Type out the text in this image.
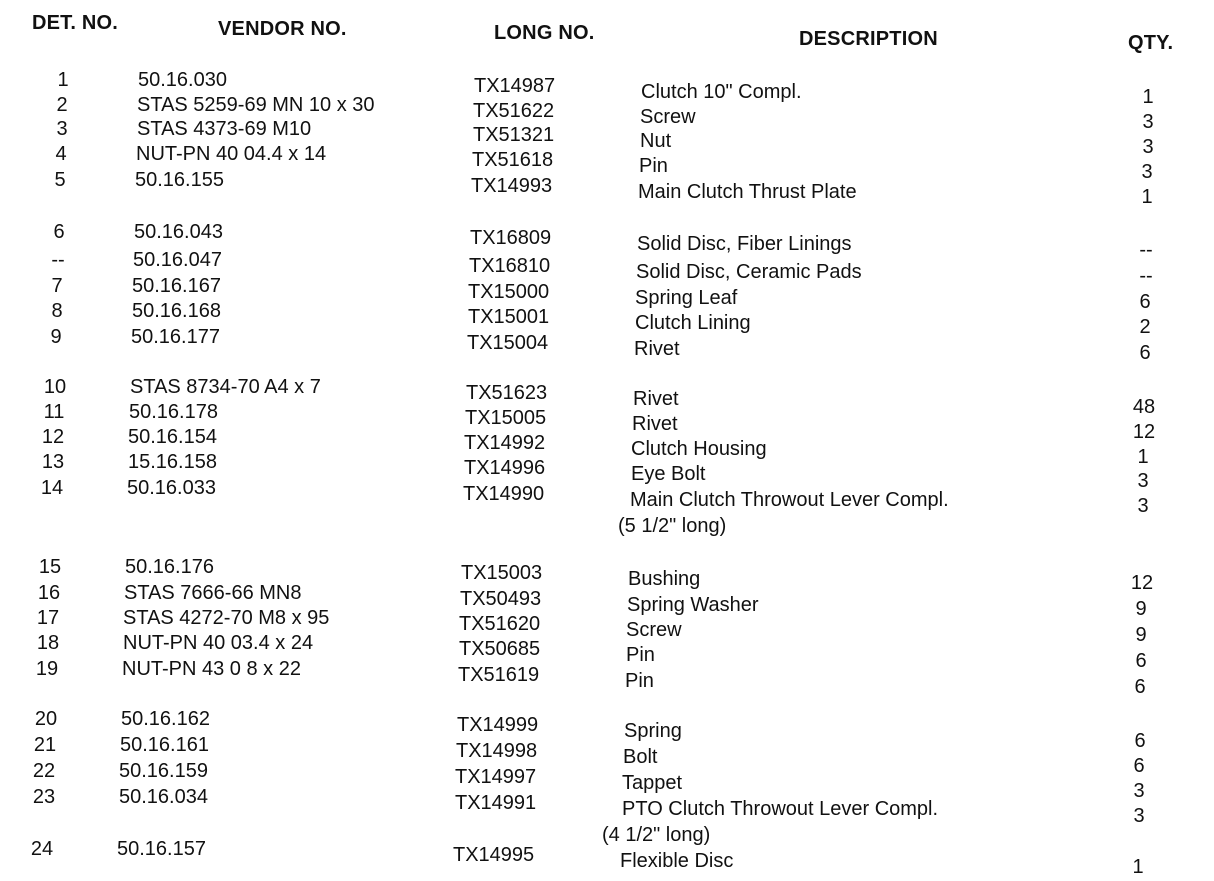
DET. NO.	VENDOR NO.	LONG NO.	DESCRIPTION	QTY.
1	50.16.030	TX14987	Clutch 10" Compl.	1
2	STAS 5259-69 MN 10 x 30	TX51622	Screw	3
3	STAS 4373-69 M10	TX51321	Nut	3
4	NUT-PN 40 04.4 x 14	TX51618	Pin	3
5	50.16.155	TX14993	Main Clutch Thrust Plate	1
6	50.16.043	TX16809	Solid Disc, Fiber Linings	--
--	50.16.047	TX16810	Solid Disc, Ceramic Pads	--
7	50.16.167	TX15000	Spring Leaf	6
8	50.16.168	TX15001	Clutch Lining	2
9	50.16.177	TX15004	Rivet	6
10	STAS 8734-70 A4 x 7	TX51623	Rivet	48
11	50.16.178	TX15005	Rivet	12
12	50.16.154	TX14992	Clutch Housing	1
13	15.16.158	TX14996	Eye Bolt	3
14	50.16.033	TX14990	Main Clutch Throwout Lever Compl.	3
(5 1/2" long)
15	50.16.176	TX15003	Bushing	12
16	STAS 7666-66 MN8	TX50493	Spring Washer	9
17	STAS 4272-70 M8 x 95	TX51620	Screw	9
18	NUT-PN 40 03.4 x 24	TX50685	Pin	6
19	NUT-PN 43 0 8 x 22	TX51619	Pin	6
20	50.16.162	TX14999	Spring	6
21	50.16.161	TX14998	Bolt	6
22	50.16.159	TX14997	Tappet	3
23	50.16.034	TX14991	PTO Clutch Throwout Lever Compl.	3
(4 1/2" long)
24	50.16.157	TX14995	Flexible Disc	1
